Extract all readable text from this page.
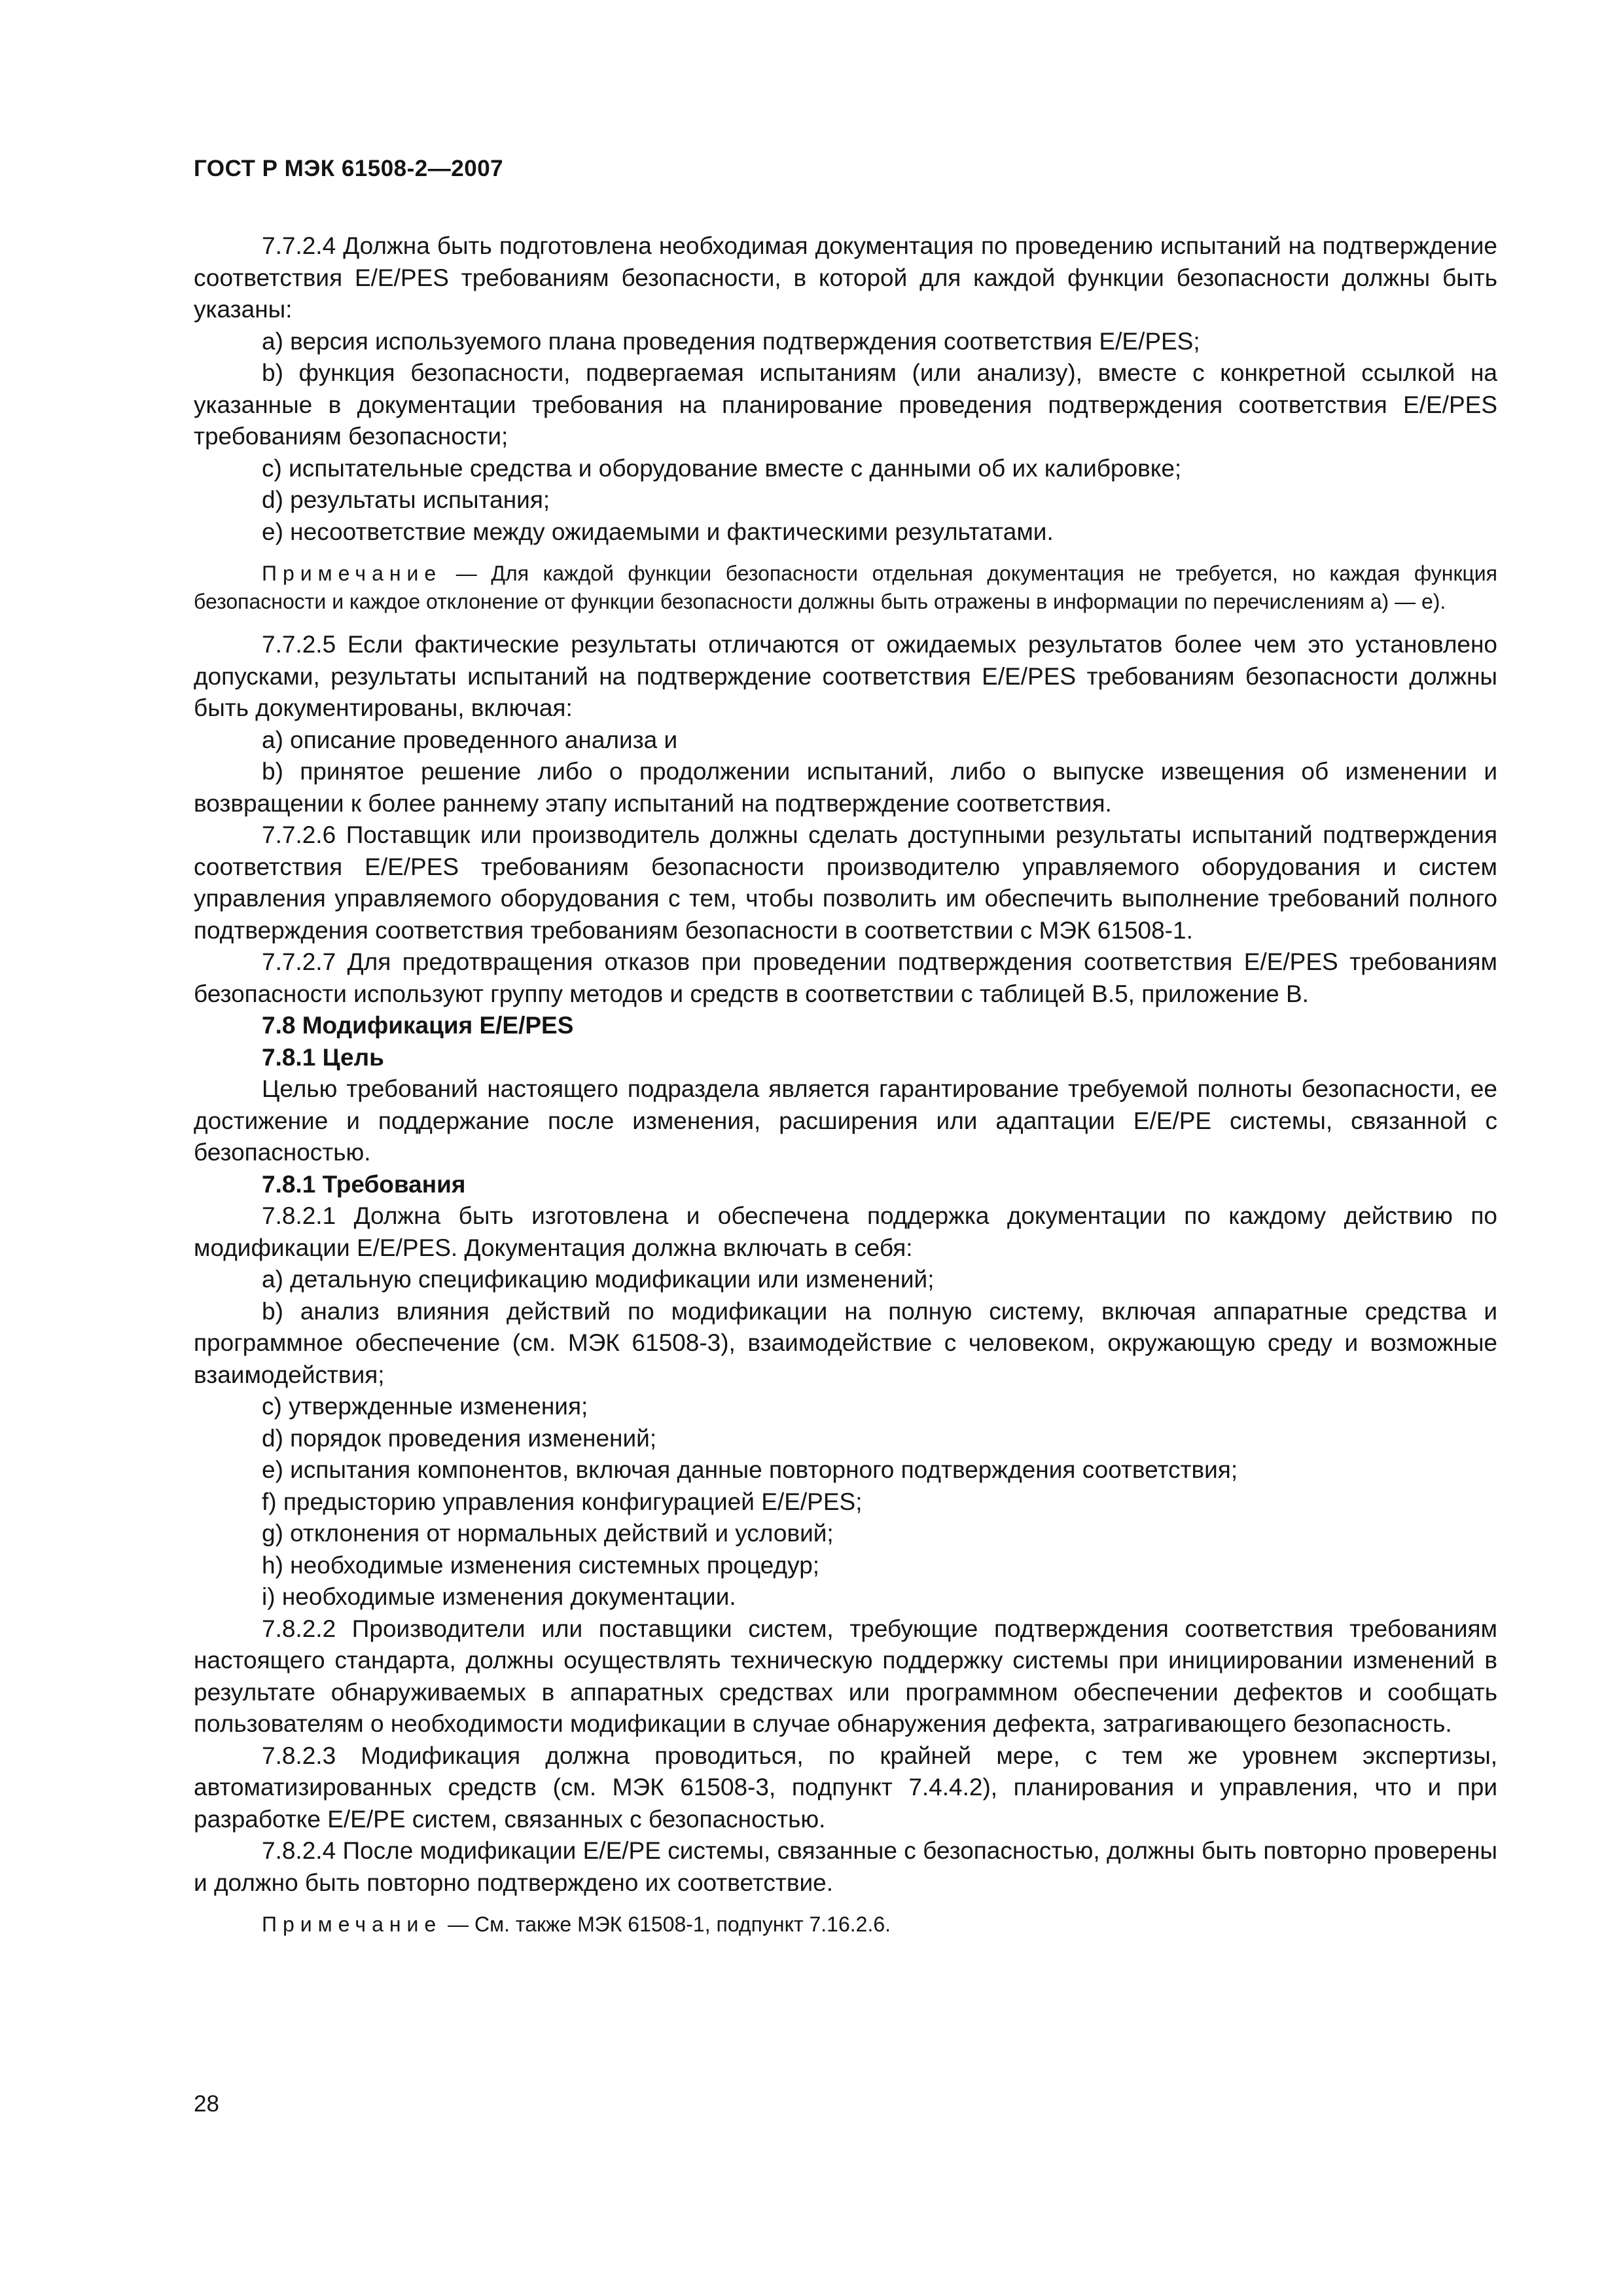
ГОСТ Р МЭК 61508-2—2007

7.7.2.4 Должна быть подготовлена необходимая документация по проведению испытаний на подтверждение соответствия E/E/PES требованиям безопасности, в которой для каждой функции безопасности должны быть указаны:

а) версия используемого плана проведения подтверждения соответствия E/E/PES;

b) функция безопасности, подвергаемая испытаниям (или анализу), вместе с конкретной ссылкой на указанные в документации требования на планирование проведения подтверждения соответствия E/E/PES требованиям безопасности;

с) испытательные средства и оборудование вместе с данными об их калибровке;

d) результаты испытания;

е) несоответствие между ожидаемыми и фактическими результатами.

Примечание — Для каждой функции безопасности отдельная документация не требуется, но каждая функция безопасности и каждое отклонение от функции безопасности должны быть отражены в информации по перечислениям а) — е).

7.7.2.5 Если фактические результаты отличаются от ожидаемых результатов более чем это установлено допусками, результаты испытаний на подтверждение соответствия E/E/PES требованиям безопасности должны быть документированы, включая:

а) описание проведенного анализа и

b) принятое решение либо о продолжении испытаний, либо о выпуске извещения об изменении и возвращении к более раннему этапу испытаний на подтверждение соответствия.

7.7.2.6 Поставщик или производитель должны сделать доступными результаты испытаний подтверждения соответствия E/E/PES требованиям безопасности производителю управляемого оборудования и систем управления управляемого оборудования с тем, чтобы позволить им обеспечить выполнение требований полного подтверждения соответствия требованиям безопасности в соответствии с МЭК 61508-1.

7.7.2.7 Для предотвращения отказов при проведении подтверждения соответствия E/E/PES требованиям безопасности используют группу методов и средств в соответствии с таблицей В.5, приложение В.

7.8 Модификация E/E/PES

7.8.1 Цель

Целью требований настоящего подраздела является гарантирование требуемой полноты безопасности, ее достижение и поддержание после изменения, расширения или адаптации E/E/PE системы, связанной с безопасностью.

7.8.1 Требования

7.8.2.1 Должна быть изготовлена и обеспечена поддержка документации по каждому действию по модификации E/E/PES. Документация должна включать в себя:

а) детальную спецификацию модификации или изменений;

b) анализ влияния действий по модификации на полную систему, включая аппаратные средства и программное обеспечение (см. МЭК 61508-3), взаимодействие с человеком, окружающую среду и возможные взаимодействия;

с) утвержденные изменения;

d) порядок проведения изменений;

е) испытания компонентов, включая данные повторного подтверждения соответствия;

f) предысторию управления конфигурацией E/E/PES;

g) отклонения от нормальных действий и условий;

h) необходимые изменения системных процедур;

i) необходимые изменения документации.

7.8.2.2 Производители или поставщики систем, требующие подтверждения соответствия требованиям настоящего стандарта, должны осуществлять техническую поддержку системы при инициировании изменений в результате обнаруживаемых в аппаратных средствах или программном обеспечении дефектов и сообщать пользователям о необходимости модификации в случае обнаружения дефекта, затрагивающего безопасность.

7.8.2.3 Модификация должна проводиться, по крайней мере, с тем же уровнем экспертизы, автоматизированных средств (см. МЭК 61508-3, подпункт 7.4.4.2), планирования и управления, что и при разработке E/E/PE систем, связанных с безопасностью.

7.8.2.4 После модификации E/E/PE системы, связанные с безопасностью, должны быть повторно проверены и должно быть повторно подтверждено их соответствие.

Примечание — См. также МЭК 61508-1, подпункт 7.16.2.6.

28
